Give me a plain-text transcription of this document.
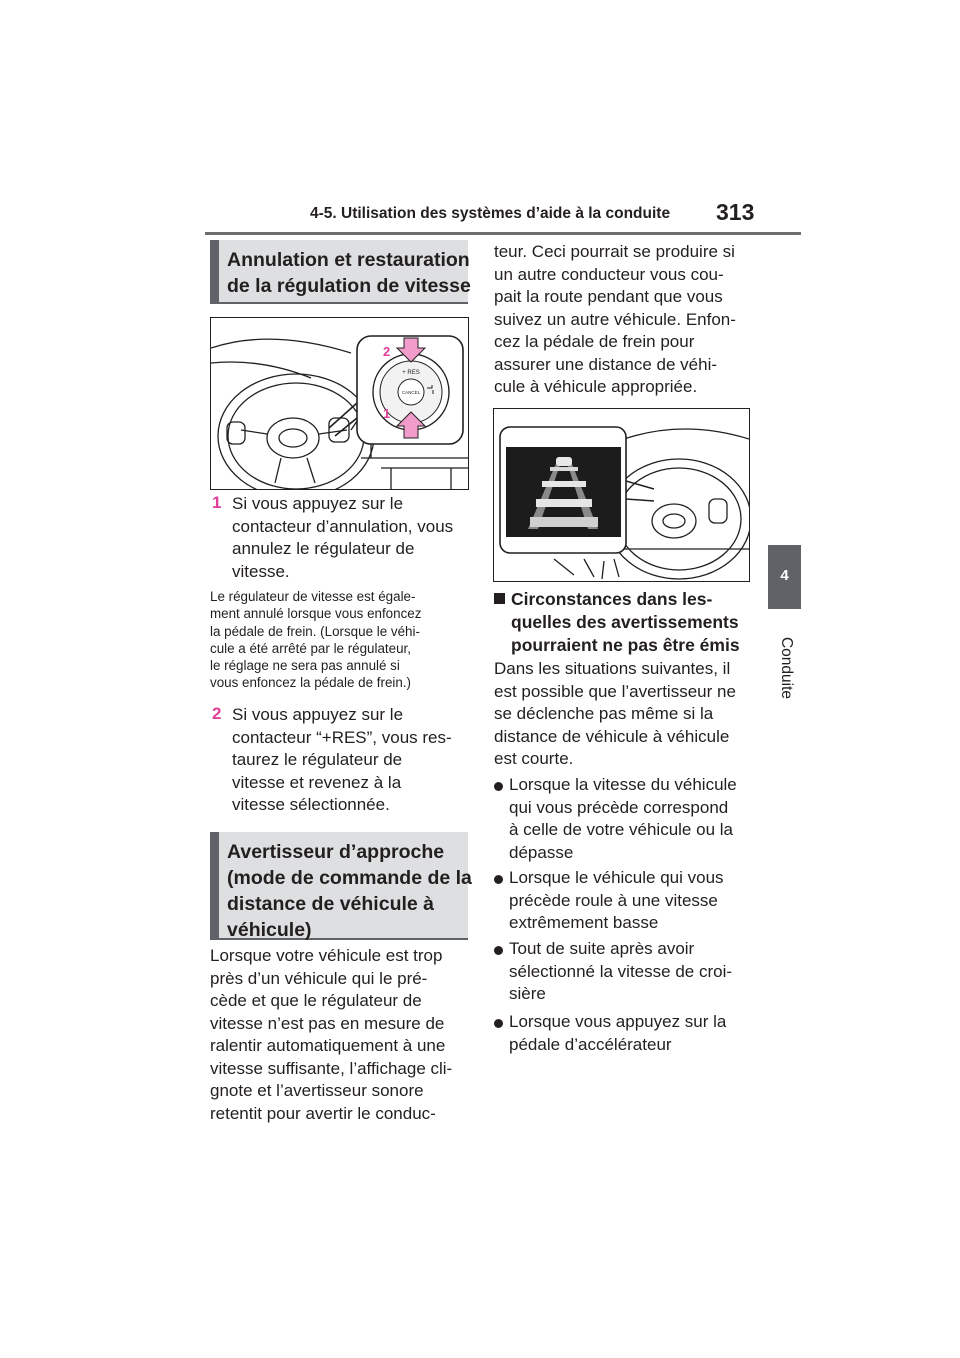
4-5. Utilisation des systèmes d’aide à la conduite 313
4
Conduite
Annulation et restauration
de la régulation de vitesse
+ RES
CANCEL
2
1
1 Si vous appuyez sur le
contacteur d’annulation, vous
annulez le régulateur de
vitesse.
Le régulateur de vitesse est égale-
ment annulé lorsque vous enfoncez
la pédale de frein. (Lorsque le véhi-
cule a été arrêté par le régulateur,
le réglage ne sera pas annulé si
vous enfoncez la pédale de frein.)
2 Si vous appuyez sur le
contacteur “+RES”, vous res-
taurez le régulateur de
vitesse et revenez à la
vitesse sélectionnée.
Avertisseur d’approche
(mode de commande de la
distance de véhicule à
véhicule)
Lorsque votre véhicule est trop
près d’un véhicule qui le pré-
cède et que le régulateur de
vitesse n’est pas en mesure de
ralentir automatiquement à une
vitesse suffisante, l’affichage cli-
gnote et l’avertisseur sonore
retentit pour avertir le conduc-
teur. Ceci pourrait se produire si
un autre conducteur vous cou-
pait la route pendant que vous
suivez un autre véhicule. Enfon-
cez la pédale de frein pour
assurer une distance de véhi-
cule à véhicule appropriée.
Circonstances dans les-
quelles des avertissements
pourraient ne pas être émis
Dans les situations suivantes, il
est possible que l’avertisseur ne
se déclenche pas même si la
distance de véhicule à véhicule
est courte.
Lorsque la vitesse du véhicule
qui vous précède correspond
à celle de votre véhicule ou la
dépasse
Lorsque le véhicule qui vous
précède roule à une vitesse
extrêmement basse
Tout de suite après avoir
sélectionné la vitesse de croi-
sière
Lorsque vous appuyez sur la
pédale d’accélérateur
